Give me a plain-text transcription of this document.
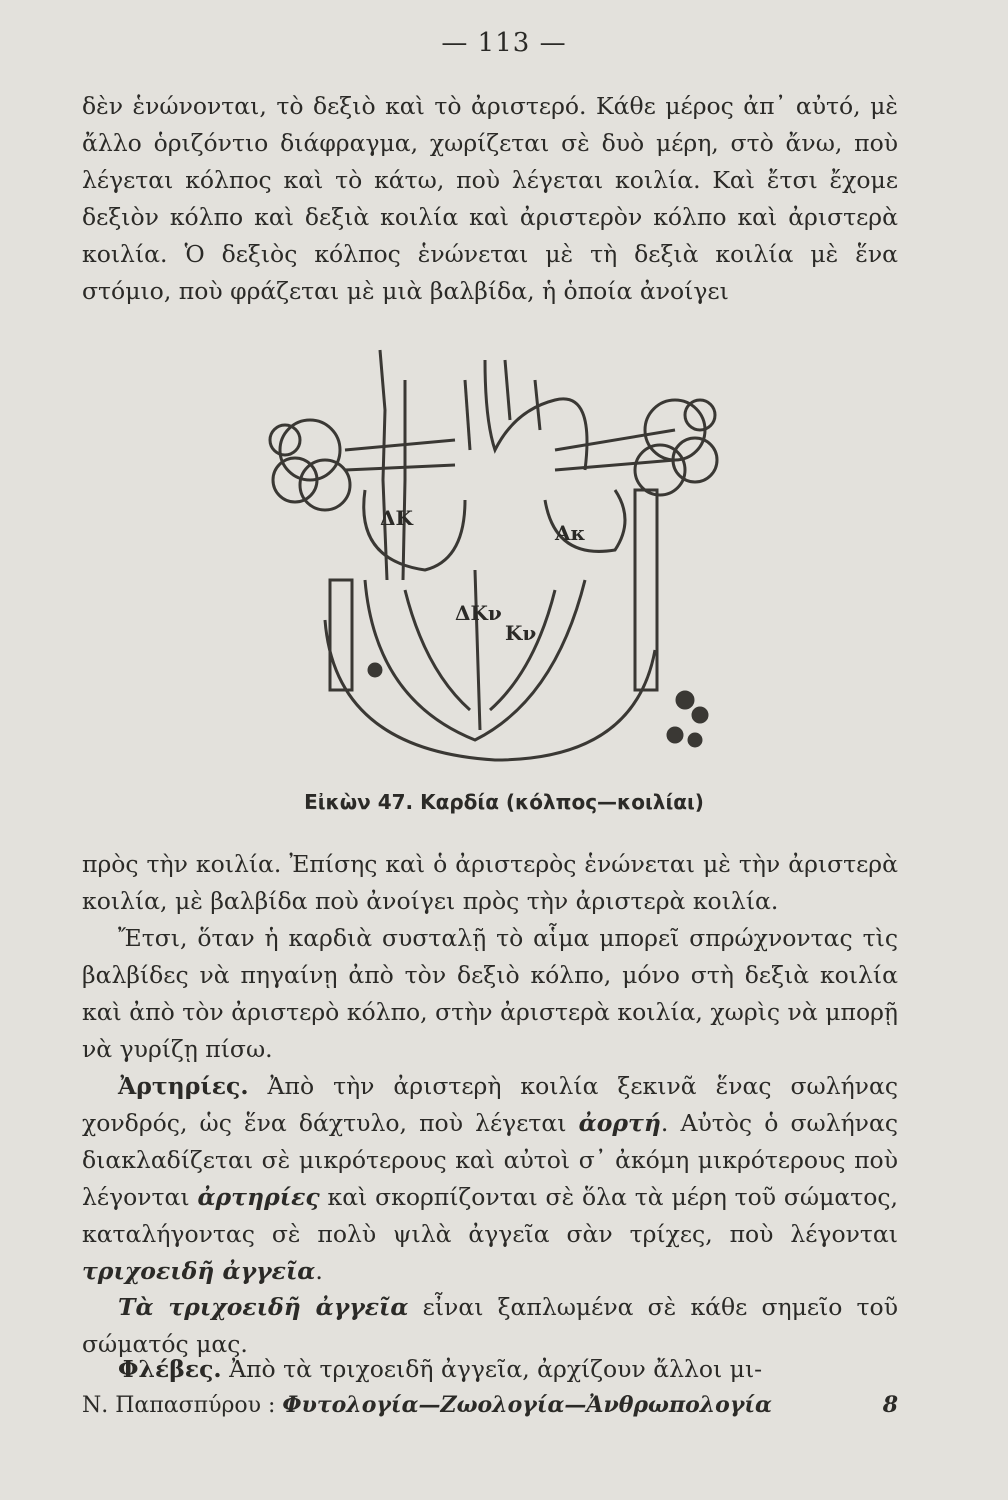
— 113 —

δὲν ἑνώνονται, τὸ δεξιὸ καὶ τὸ ἀριστερό. Κάθε μέρος ἀπ᾽ αὐτό, μὲ ἄλλο ὁριζόντιο διάφραγμα, χωρίζεται σὲ δυὸ μέρη, στὸ ἄνω, ποὺ λέγεται κόλπος καὶ τὸ κάτω, ποὺ λέγεται κοιλία. Καὶ ἔτσι ἔχομε δεξιὸν κόλπο καὶ δεξιὰ κοιλία καὶ ἀριστερὸν κόλπο καὶ ἀριστερὰ κοιλία. Ὁ δεξιὸς κόλπος ἑνώνεται μὲ τὴ δεξιὰ κοιλία μὲ ἕνα στόμιο, ποὺ φράζεται μὲ μιὰ βαλβίδα, ἡ ὁποία ἀνοίγει

ΔΚ
Ακ
ΔΚν
Κν
Εἰκὼν 47. Καρδία (κόλπος—κοιλίαι)

πρὸς τὴν κοιλία. Ἐπίσης καὶ ὁ ἀριστερὸς ἑνώνεται μὲ τὴν ἀριστερὰ κοιλία, μὲ βαλβίδα ποὺ ἀνοίγει πρὸς τὴν ἀριστερὰ κοιλία.

Ἔτσι, ὅταν ἡ καρδιὰ συσταλῇ τὸ αἷμα μπορεῖ σπρώχνοντας τὶς βαλβίδες νὰ πηγαίνῃ ἀπὸ τὸν δεξιὸ κόλπο, μόνο στὴ δεξιὰ κοιλία καὶ ἀπὸ τὸν ἀριστερὸ κόλπο, στὴν ἀριστερὰ κοιλία, χωρὶς νὰ μπορῇ νὰ γυρίζῃ πίσω.

Ἀρτηρίες. Ἀπὸ τὴν ἀριστερὴ κοιλία ξεκινᾶ ἕνας σωλήνας χονδρός, ὡς ἕνα δάχτυλο, ποὺ λέγεται ἀορτή. Αὐτὸς ὁ σωλήνας διακλαδίζεται σὲ μικρότερους καὶ αὐτοὶ σ᾽ ἀκόμη μικρότερους ποὺ λέγονται ἀρτηρίες καὶ σκορπίζονται σὲ ὅλα τὰ μέρη τοῦ σώματος, καταλήγοντας σὲ πολὺ ψιλὰ ἀγγεῖα σὰν τρίχες, ποὺ λέγονται τριχοειδῆ ἀγγεῖα.

Τὰ τριχοειδῆ ἀγγεῖα εἶναι ξαπλωμένα σὲ κάθε σημεῖο τοῦ σώματός μας.

Φλέβες. Ἀπὸ τὰ τριχοειδῆ ἀγγεῖα, ἀρχίζουν ἄλλοι μι-

Ν. Παπασπύρου : Φυτολογία—Ζωολογία—Ἀνθρωπολογία	8
